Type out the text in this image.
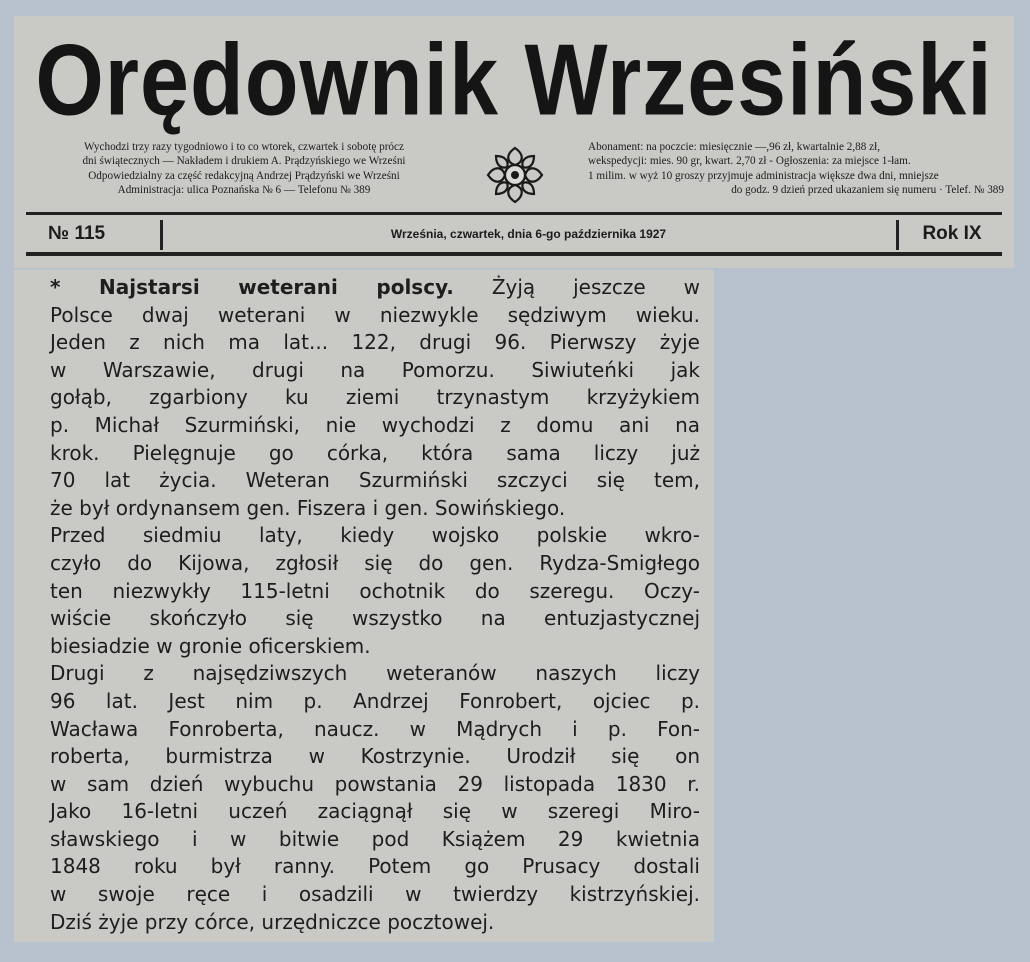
Orędownik Wrzesiński
Wychodzi trzy razy tygodniowo i to co wtorek, czwartek i sobotę prócz
dni świątecznych — Nakładem i drukiem A. Prądzyńskiego we Wrześni
Odpowiedzialny za część redakcyjną Andrzej Prądzyński we Wrześni
Administracja: ulica Poznańska № 6 — Telefonu № 389
Abonament: na poczcie: miesięcznie —,96 zł, kwartalnie 2,88 zł,
wekspedycji: mies. 90 gr, kwart. 2,70 zł - Ogłoszenia: za miejsce 1-łam.
1 milim. w wyż 10 groszy przyjmuje administracja większe dwa dni, mniejsze
do godz. 9 dzień przed ukazaniem się numeru · Telef. № 389
№ 115	Września, czwartek, dnia 6-go października 1927	Rok IX

* Najstarsi weterani polscy. Żyją jeszcze w
Polsce dwaj weterani w niezwykle sędziwym wieku.
Jeden z nich ma lat... 122, drugi 96. Pierwszy żyje
w Warszawie, drugi na Pomorzu. Siwiuteńki jak
gołąb, zgarbiony ku ziemi trzynastym krzyżykiem
p. Michał Szurmiński, nie wychodzi z domu ani na
krok. Pielęgnuje go córka, która sama liczy już
70 lat życia. Weteran Szurmiński szczyci się tem,
że był ordynansem gen. Fiszera i gen. Sowińskiego.

Przed siedmiu laty, kiedy wojsko polskie wkro-
czyło do Kijowa, zgłosił się do gen. Rydza-Smigłego
ten niezwykły 115-letni ochotnik do szeregu. Oczy-
wiście skończyło się wszystko na entuzjastycznej
biesiadzie w gronie oficerskiem.

Drugi z najsędziwszych weteranów naszych liczy
96 lat. Jest nim p. Andrzej Fonrobert, ojciec p.
Wacława Fonroberta, naucz. w Mądrych i p. Fon-
roberta, burmistrza w Kostrzynie. Urodził się on
w sam dzień wybuchu powstania 29 listopada 1830 r.
Jako 16-letni uczeń zaciągnął się w szeregi Miro-
sławskiego i w bitwie pod Książem 29 kwietnia
1848 roku był ranny. Potem go Prusacy dostali
w swoje ręce i osadzili w twierdzy kistrzyńskiej.
Dziś żyje przy córce, urzędniczce pocztowej.
